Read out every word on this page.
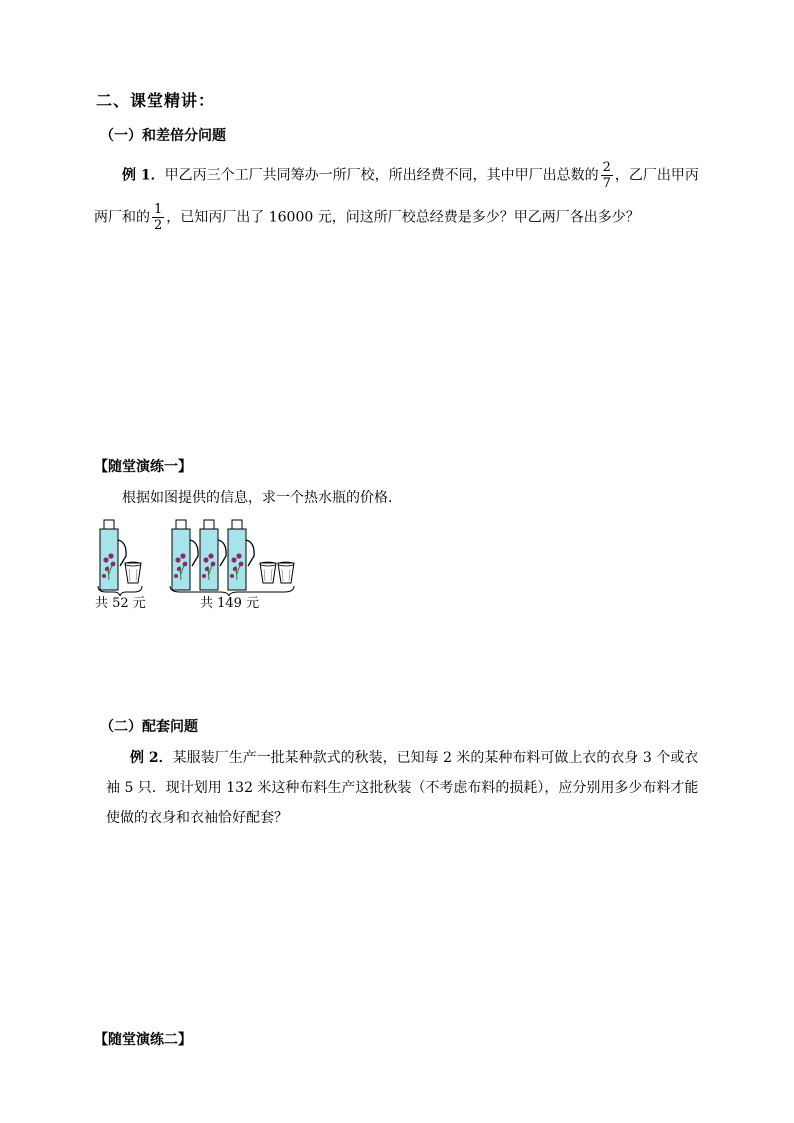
二、课堂精讲：
（一）和差倍分问题
例 1．甲乙丙三个工厂共同筹办一所厂校，所出经费不同，其中甲厂出总数的 $\frac{2}{7}$ ，乙厂出甲丙
两厂和的 $\frac{1}{2}$ ，已知丙厂出了 16000 元，问这所厂校总经费是多少？甲乙两厂各出多少？
【随堂演练一】
根据如图提供的信息，求一个热水瓶的价格．
共 52 元	共 149 元
（二）配套问题
例 2．某服装厂生产一批某种款式的秋装，已知每 2 米的某种布料可做上衣的衣身 3 个或衣
袖 5 只．现计划用 132 米这种布料生产这批秋装（不考虑布料的损耗），应分别用多少布料才能
使做的衣身和衣袖恰好配套？
【随堂演练二】
